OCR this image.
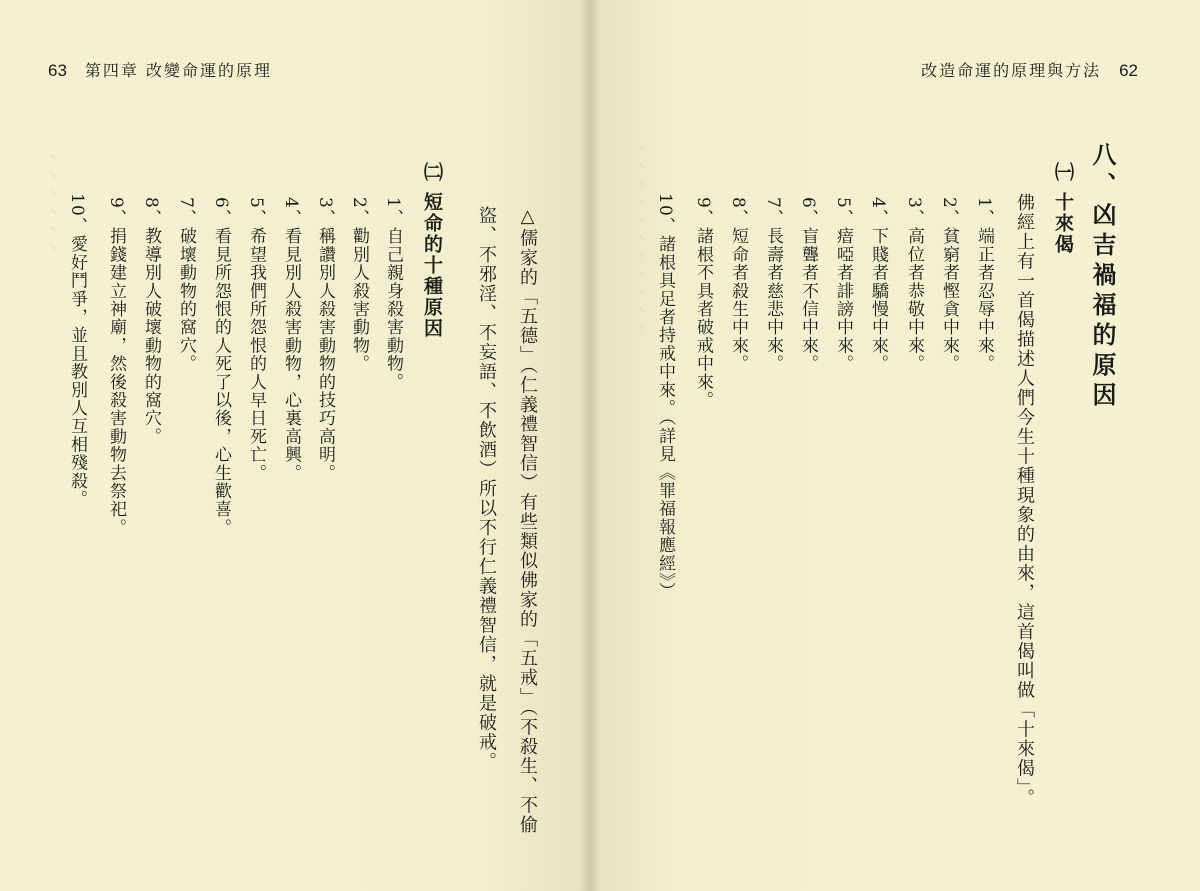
63 第四章 改變命運的原理
丶丶丶丶丶丶
△儒家的「五德」（仁義禮智信）有些類似佛家的「五戒」（不殺生、不偷
盜、不邪淫、不妄語、不飲酒）所以不行仁義禮智信，就是破戒。
㈡ 短命的十種原因
1、自己親身殺害動物。
2、勸別人殺害動物。
3、稱讚別人殺害動物的技巧高明。
4、看見別人殺害動物，心裏高興。
5、希望我們所怨恨的人早日死亡。
6、看見所怨恨的人死了以後，心生歡喜。
7、破壞動物的窩穴。
8、教導別人破壞動物的窩穴。
9、捐錢建立神廟，然後殺害動物去祭祀。
10、愛好鬥爭，並且教別人互相殘殺。
改造命運的原理與方法 62
丶丶丶丶丶丶丶丶丶丶丶	八、凶吉禍福的原因
㈠ 十來偈
佛經上有一首偈描述人們今生十種現象的由來，這首偈叫做「十來偈」。
1、端正者忍辱中來。
2、貧窮者慳貪中來。
3、高位者恭敬中來。
4、下賤者驕慢中來。
5、瘖啞者誹謗中來。
6、盲聾者不信中來。
7、長壽者慈悲中來。
8、短命者殺生中來。
9、諸根不具者破戒中來。
10、諸根具足者持戒中來。（詳見《罪福報應經》）
